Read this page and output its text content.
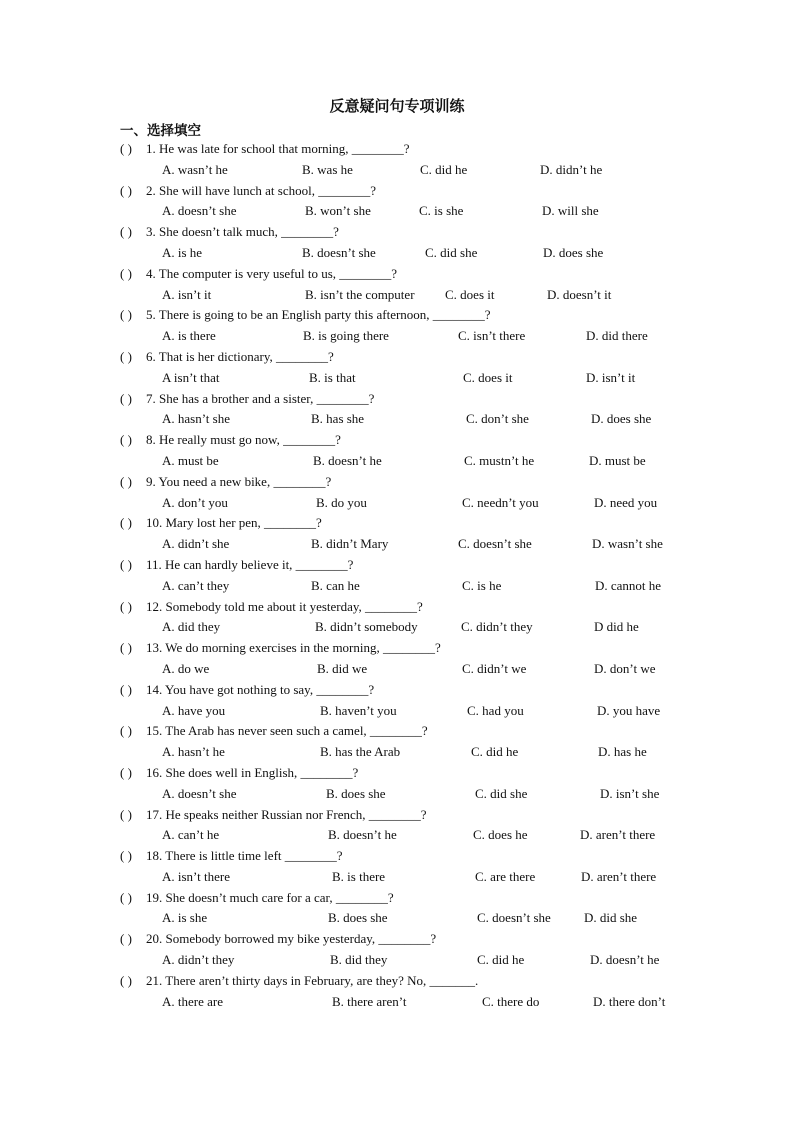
反意疑问句专项训练
一、选择填空
( ) 1. He was late for school that morning, ________?
A. wasn’t he	B. was he	C. did he	D. didn’t he
( ) 2. She will have lunch at school, ________?
A. doesn’t she	B. won’t she	C. is she	D. will she
( ) 3. She doesn’t talk much, ________?
A. is he	B. doesn’t she	C. did she	D. does she
( ) 4. The computer is very useful to us, ________?
A. isn’t it	B. isn’t the computer C. does it	D. doesn’t it
( ) 5. There is going to be an English party this afternoon, ________?
A. is there	B. is going there	C. isn’t there	D. did there
( ) 6. That is her dictionary, ________?
A isn’t that	B. is that	C. does it	D. isn’t it
( ) 7. She has a brother and a sister, ________?
A. hasn’t she	B. has she	C. don’t she	D. does she
( ) 8. He really must go now, ________?
A. must be	B. doesn’t he	C. mustn’t he	D. must be
( ) 9. You need a new bike, ________?
A. don’t you	B. do you	C. needn’t you	D. need you
( ) 10. Mary lost her pen, ________?
A. didn’t she	B. didn’t Mary	C. doesn’t she	D. wasn’t she
( ) 11. He can hardly believe it, ________?
A. can’t they	B. can he	C. is he	D. cannot he
( ) 12. Somebody told me about it yesterday, ________?
A. did they	B. didn’t somebody	C. didn’t they	D did he
( ) 13. We do morning exercises in the morning, ________?
A. do we	B. did we	C. didn’t we	D. don’t we
( ) 14. You have got nothing to say, ________?
A. have you	B. haven’t you	C. had you	D. you have
( ) 15. The Arab has never seen such a camel, ________?
A. hasn’t he	B. has the Arab	C. did he	D. has he
( ) 16. She does well in English, ________?
A. doesn’t she	B. does she	C. did she	D. isn’t she
( ) 17. He speaks neither Russian nor French, ________?
A. can’t he	B. doesn’t he	C. does he	D. aren’t there
( ) 18. There is little time left ________?
A. isn’t there	B. is there	C. are there	D. aren’t there
( ) 19. She doesn’t much care for a car, ________?
A. is she	B. does she	C. doesn’t she	D. did she
( ) 20. Somebody borrowed my bike yesterday, ________?
A. didn’t they	B. did they	C. did he	D. doesn’t he
( ) 21. There aren’t thirty days in February, are they? No, _______.
A. there are	B. there aren’t	C. there do	D. there don’t
